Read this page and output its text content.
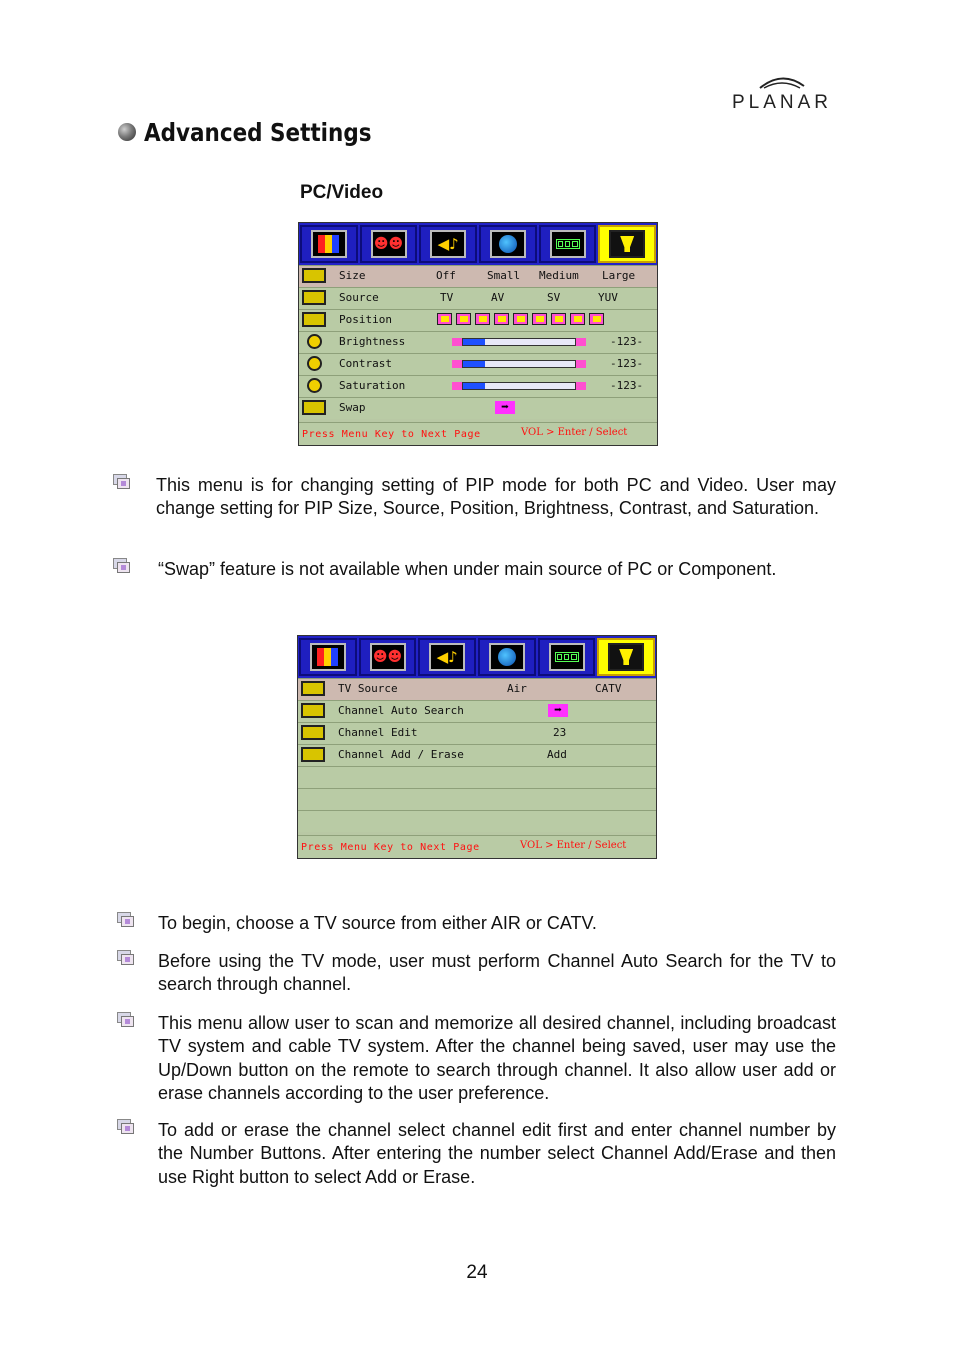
PLANAR
Advanced Settings
PC/Video
☻☻ ◀♪
Size	Off	Small Medium Large
Source	TV	AV	SV	YUV
Position
Brightness	-123-
Contrast	-123-
Saturation	-123-
Swap	➡
Press Menu Key to Next Page	VOL > Enter / Select
This menu is for changing setting of PIP mode for both PC and Video. User may change setting for PIP Size, Source, Position, Brightness, Contrast, and Saturation.
“Swap” feature is not available when under main source of PC or Component.
☻☻ ◀♪
TV Source	Air	CATV
Channel Auto Search	➡
Channel Edit	23
Channel Add / Erase	Add
Press Menu Key to Next Page	VOL > Enter / Select
To begin, choose a TV source from either AIR or CATV.
Before using the TV mode, user must perform Channel Auto Search for the TV to search through channel.
This menu allow user to scan and memorize all desired channel, including broadcast TV system and cable TV system. After the channel being saved, user may use the Up/Down button on the remote to search through channel. It also allow user add or erase channels according to the user preference.
To add or erase the channel select channel edit first and enter channel number by the Number Buttons. After entering the number select Channel Add/Erase and then use Right button to select Add or Erase.
24
